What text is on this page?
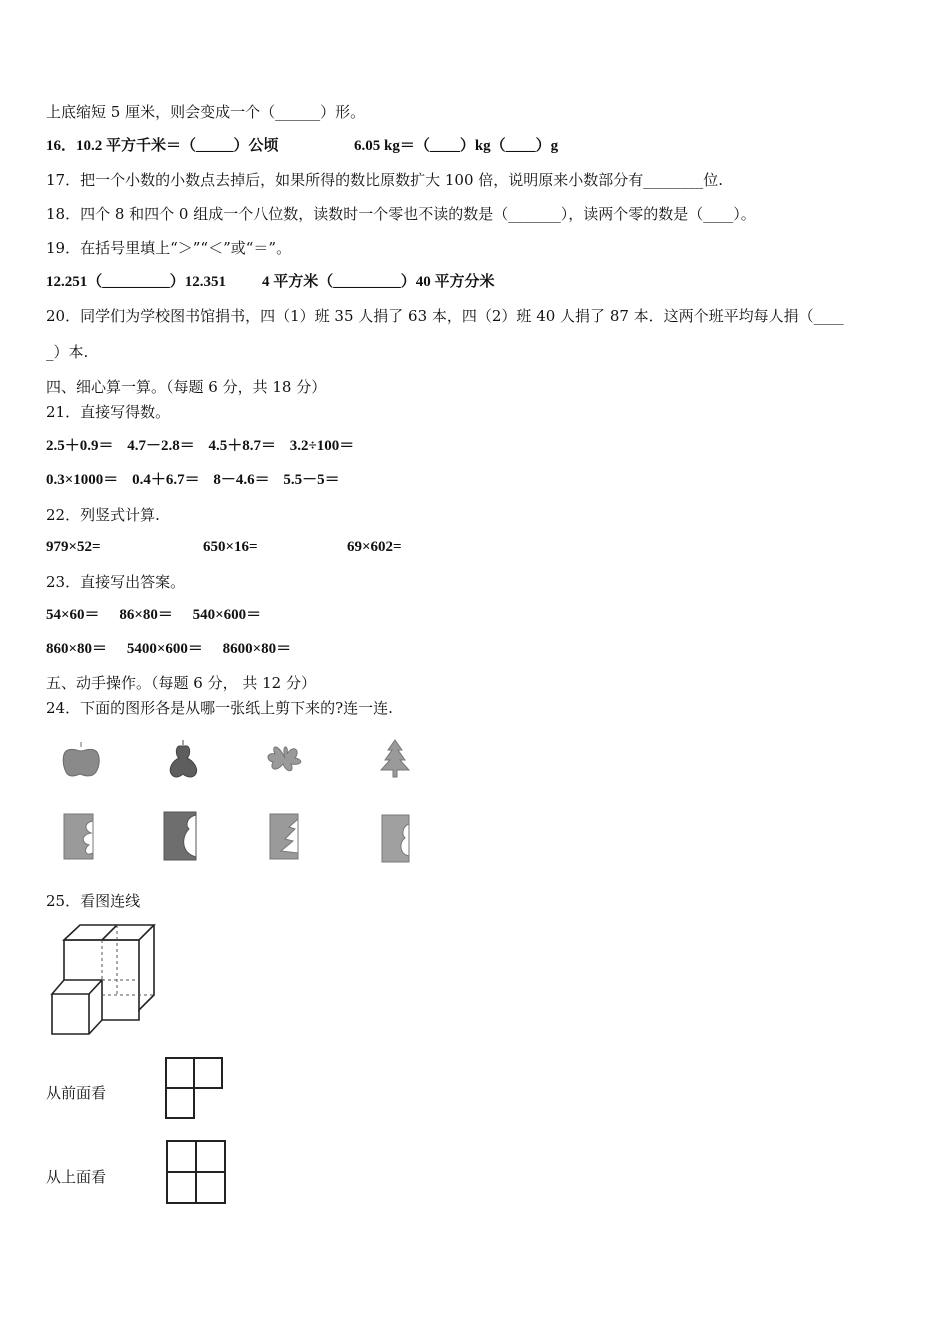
上底缩短 5 厘米，则会变成一个（______）形。
16．10.2 平方千米＝（_____）公顷	6.05 kg＝（____）kg（____）g
17．把一个小数的小数点去掉后，如果所得的数比原数扩大 100 倍，说明原来小数部分有________位.
18．四个 8 和四个 0 组成一个八位数，读数时一个零也不读的数是（_______），读两个零的数是（____）。
19．在括号里填上“＞”“＜”或“＝”。
12.251（_________）12.351 4 平方米（_________）40 平方分米
20．同学们为学校图书馆捐书，四（1）班 35 人捐了 63 本，四（2）班 40 人捐了 87 本．这两个班平均每人捐（____
_）本.
四、细心算一算。（每题 6 分，共 18 分）
21．直接写得数。
2.5＋0.9＝ 4.7－2.8＝ 4.5＋8.7＝ 3.2÷100＝
0.3×1000＝ 0.4＋6.7＝ 8－4.6＝ 5.5－5＝
22．列竖式计算.
979×52=	650×16=	69×602=
23．直接写出答案。
54×60＝ 86×80＝ 540×600＝
860×80＝ 5400×600＝ 8600×80＝
五、动手操作。（每题 6 分， 共 12 分）
24．下面的图形各是从哪一张纸上剪下来的?连一连.
25．看图连线
从前面看
从上面看
